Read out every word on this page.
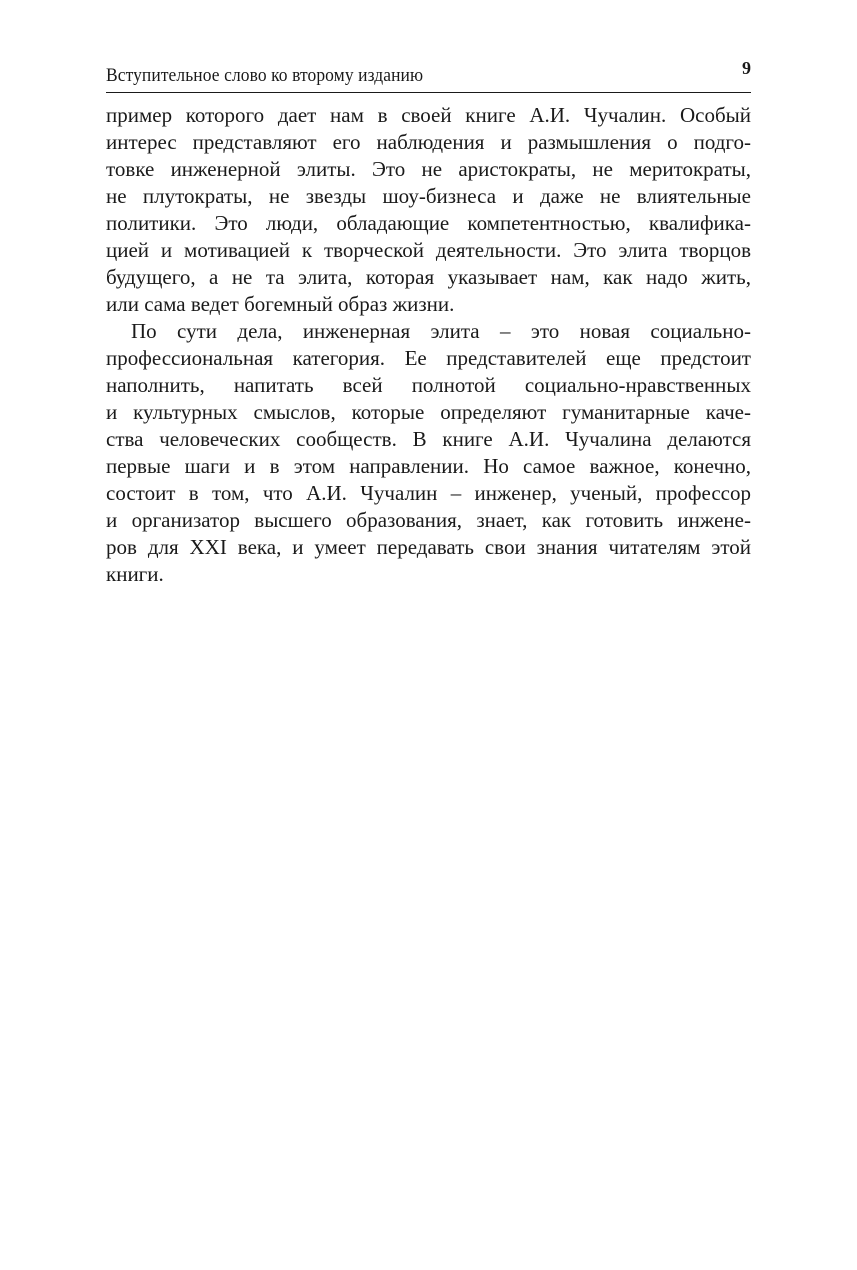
Вступительное слово ко второму изданию	9
пример которого дает нам в своей книге А.И. Чучалин. Особый
интерес представляют его наблюдения и размышления о подго-
товке инженерной элиты. Это не аристократы, не меритократы,
не плутократы, не звезды шоу-бизнеса и даже не влиятельные
политики. Это люди, обладающие компетентностью, квалифика-
цией и мотивацией к творческой деятельности. Это элита творцов
будущего, а не та элита, которая указывает нам, как надо жить,
или сама ведет богемный образ жизни.
По сути дела, инженерная элита – это новая социально-
профессиональная категория. Ее представителей еще предстоит
наполнить, напитать всей полнотой социально-нравственных
и культурных смыслов, которые определяют гуманитарные каче-
ства человеческих сообществ. В книге А.И. Чучалина делаются
первые шаги и в этом направлении. Но самое важное, конечно,
состоит в том, что А.И. Чучалин – инженер, ученый, профессор
и организатор высшего образования, знает, как готовить инжене-
ров для XXI века, и умеет передавать свои знания читателям этой
книги.
